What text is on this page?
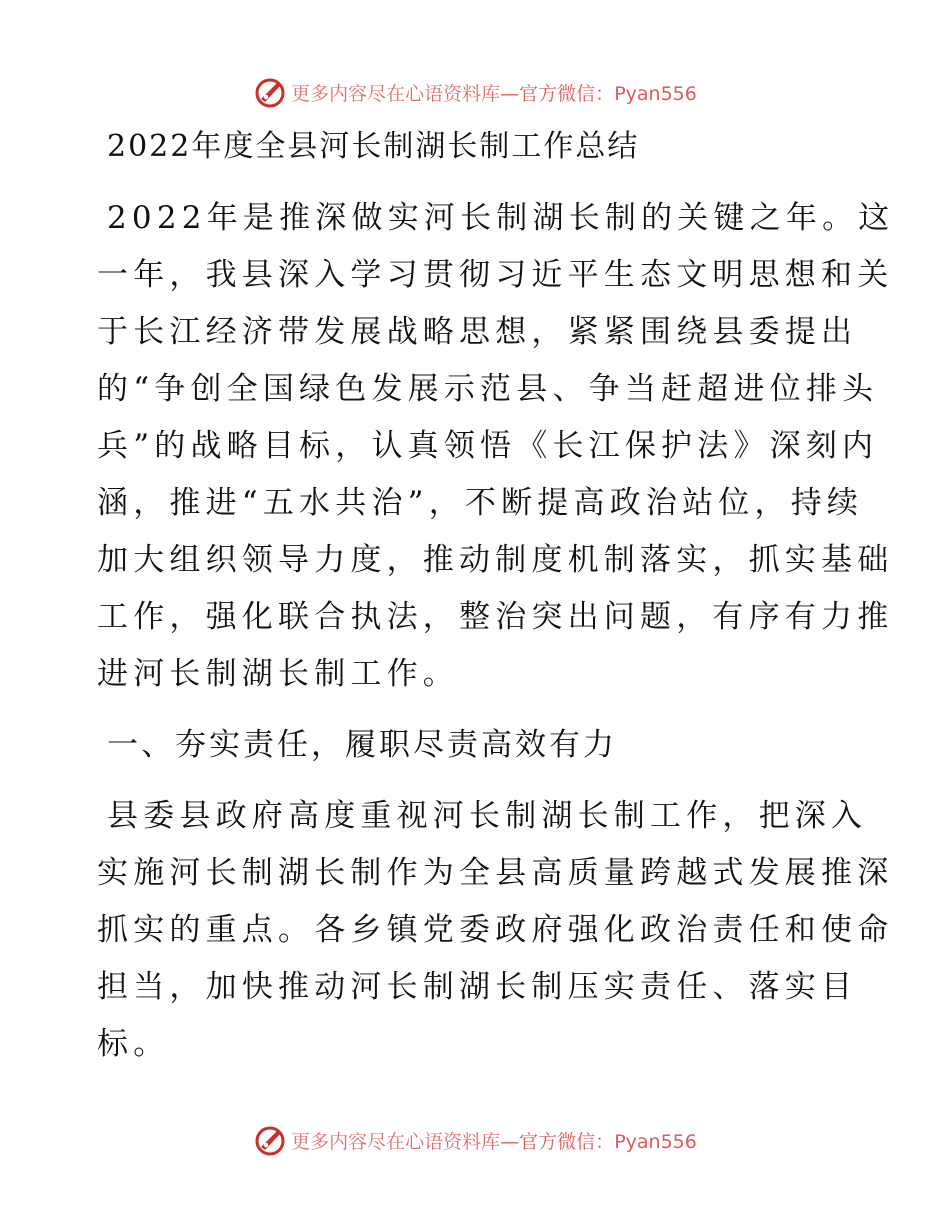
更多内容尽在心语资料库—官方微信：Pyan556
2022年度全县河长制湖长制工作总结
2022年是推深做实河长制湖长制的关键之年。这
一年，我县深入学习贯彻习近平生态文明思想和关
于长江经济带发展战略思想，紧紧围绕县委提出
的“争创全国绿色发展示范县、争当赶超进位排头
兵”的战略目标，认真领悟《长江保护法》深刻内
涵，推进“五水共治”，不断提高政治站位，持续
加大组织领导力度，推动制度机制落实，抓实基础
工作，强化联合执法，整治突出问题，有序有力推
进河长制湖长制工作。
一、夯实责任，履职尽责高效有力
县委县政府高度重视河长制湖长制工作，把深入
实施河长制湖长制作为全县高质量跨越式发展推深
抓实的重点。各乡镇党委政府强化政治责任和使命
担当，加快推动河长制湖长制压实责任、落实目
标。
更多内容尽在心语资料库—官方微信：Pyan556
